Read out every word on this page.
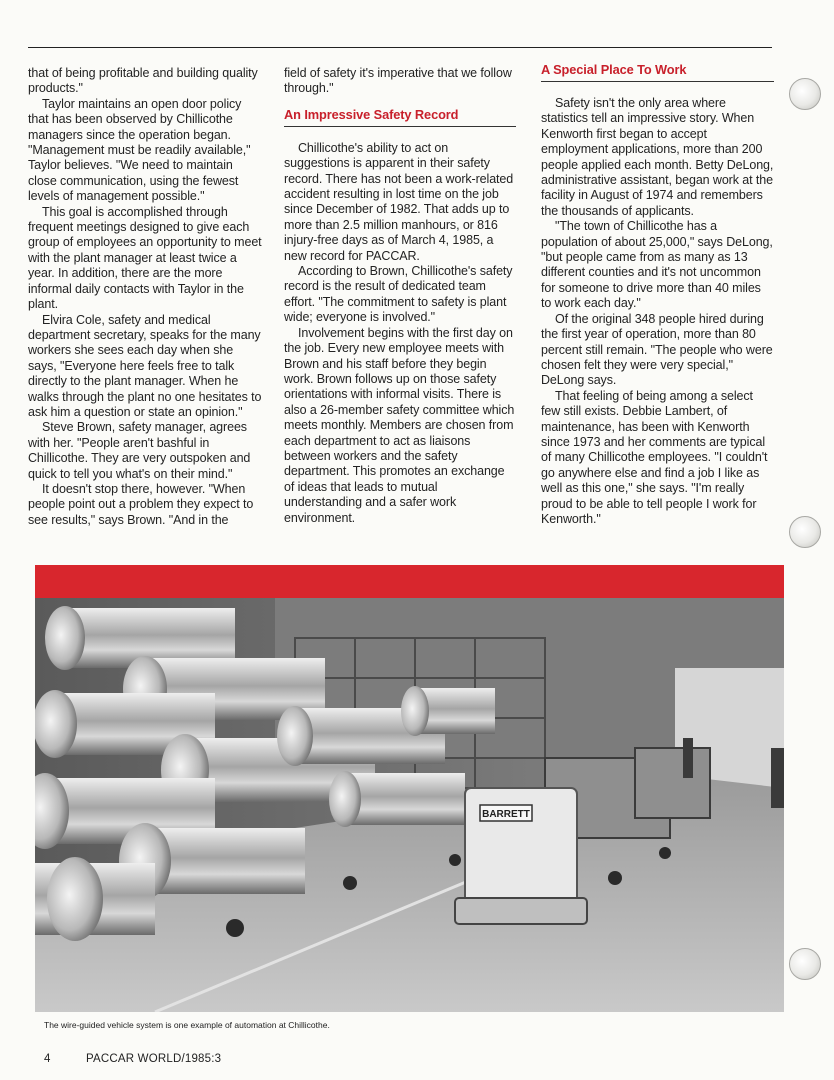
that of being profitable and building quality products."

Taylor maintains an open door policy that has been observed by Chillicothe managers since the operation began. "Management must be readily available," Taylor believes. "We need to maintain close communication, using the fewest levels of management possible."

This goal is accomplished through frequent meetings designed to give each group of employees an opportunity to meet with the plant manager at least twice a year. In addition, there are the more informal daily contacts with Taylor in the plant.

Elvira Cole, safety and medical department secretary, speaks for the many workers she sees each day when she says, "Everyone here feels free to talk directly to the plant manager. When he walks through the plant no one hesitates to ask him a question or state an opinion."

Steve Brown, safety manager, agrees with her. "People aren't bashful in Chillicothe. They are very outspoken and quick to tell you what's on their mind."

It doesn't stop there, however. "When people point out a problem they expect to see results," says Brown. "And in the

field of safety it's imperative that we follow through."

An Impressive Safety Record

Chillicothe's ability to act on suggestions is apparent in their safety record. There has not been a work-related accident resulting in lost time on the job since December of 1982. That adds up to more than 2.5 million manhours, or 816 injury-free days as of March 4, 1985, a new record for PACCAR.

According to Brown, Chillicothe's safety record is the result of dedicated team effort. "The commitment to safety is plant wide; everyone is involved."

Involvement begins with the first day on the job. Every new employee meets with Brown and his staff before they begin work. Brown follows up on those safety orientations with informal visits. There is also a 26-member safety committee which meets monthly. Members are chosen from each department to act as liaisons between workers and the safety department. This promotes an exchange of ideas that leads to mutual understanding and a safer work environment.

A Special Place To Work

Safety isn't the only area where statistics tell an impressive story. When Kenworth first began to accept employment applications, more than 200 people applied each month. Betty DeLong, administrative assistant, began work at the facility in August of 1974 and remembers the thousands of applicants.

"The town of Chillicothe has a population of about 25,000," says DeLong, "but people came from as many as 13 different counties and it's not uncommon for someone to drive more than 40 miles to work each day."

Of the original 348 people hired during the first year of operation, more than 80 percent still remain. "The people who were chosen felt they were very special," DeLong says.

That feeling of being among a select few still exists. Debbie Lambert, of maintenance, has been with Kenworth since 1973 and her comments are typical of many Chillicothe employees. "I couldn't go anywhere else and find a job I like as well as this one," she says. "I'm really proud to be able to tell people I work for Kenworth."

BARRETT
The wire-guided vehicle system is one example of automation at Chillicothe.
4	PACCAR WORLD/1985:3
